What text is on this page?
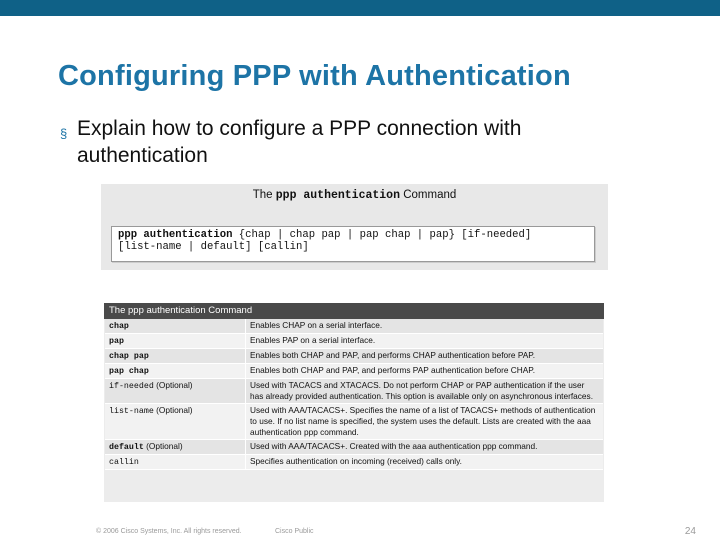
Configuring PPP with Authentication
§ Explain how to configure a PPP connection with authentication
The ppp authentication Command
ppp authentication {chap | chap pap | pap chap | pap} [if-needed]
[list-name | default] [callin]
The ppp authentication Command
chap	Enables CHAP on a serial interface.
pap	Enables PAP on a serial interface.
chap pap	Enables both CHAP and PAP, and performs CHAP authentication before PAP.
pap chap	Enables both CHAP and PAP, and performs PAP authentication before CHAP.
if-needed (Optional)	Used with TACACS and XTACACS. Do not perform CHAP or PAP authentication if the user has already provided authentication. This option is available only on asynchronous interfaces.
list-name (Optional)	Used with AAA/TACACS+. Specifies the name of a list of TACACS+ methods of authentication to use. If no list name is specified, the system uses the default. Lists are created with the aaa authentication ppp command.
default (Optional)	Used with AAA/TACACS+. Created with the aaa authentication ppp command.
callin	Specifies authentication on incoming (received) calls only.
© 2006 Cisco Systems, Inc. All rights reserved.	Cisco Public	24
